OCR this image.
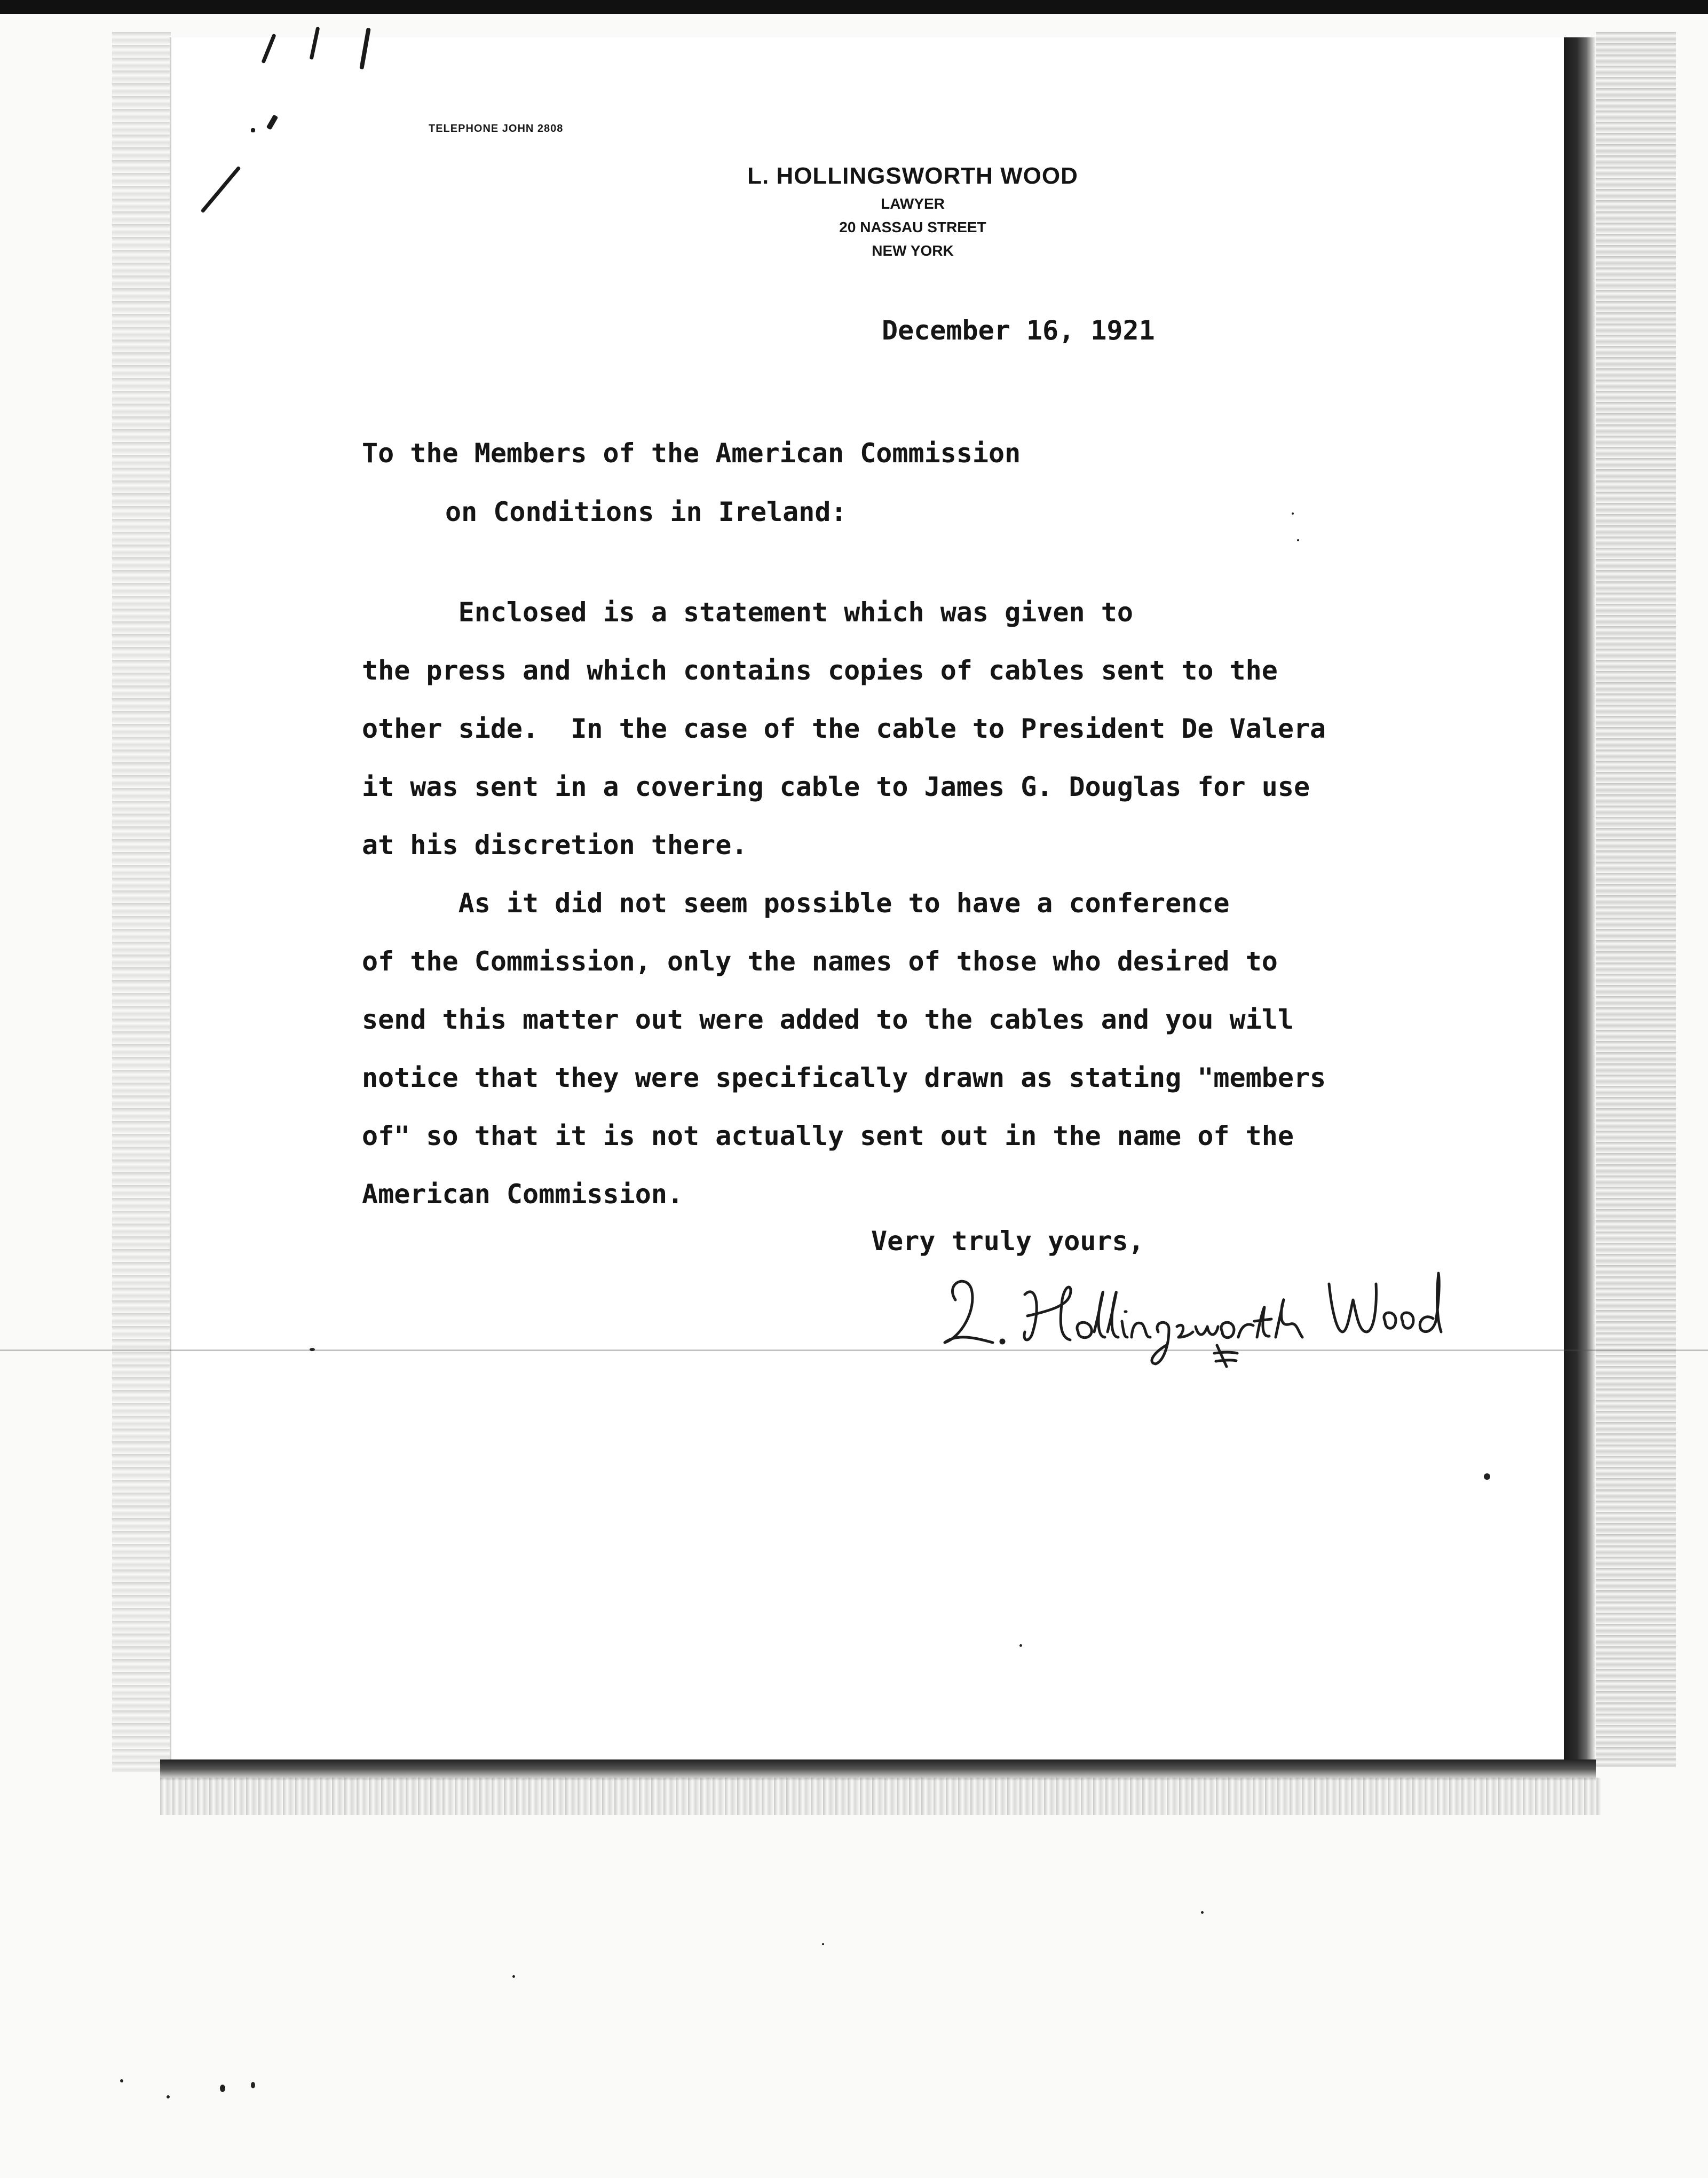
TELEPHONE JOHN 2808
L. HOLLINGSWORTH WOOD
LAWYER
20 NASSAU STREET
NEW YORK
December 16, 1921
To the Members of the American Commission
on Conditions in Ireland:
Enclosed is a statement which was given to
the press and which contains copies of cables sent to the
other side.  In the case of the cable to President De Valera
it was sent in a covering cable to James G. Douglas for use
at his discretion there.
As it did not seem possible to have a conference
of the Commission, only the names of those who desired to
send this matter out were added to the cables and you will
notice that they were specifically drawn as stating "members
of" so that it is not actually sent out in the name of the
American Commission.
Very truly yours,
